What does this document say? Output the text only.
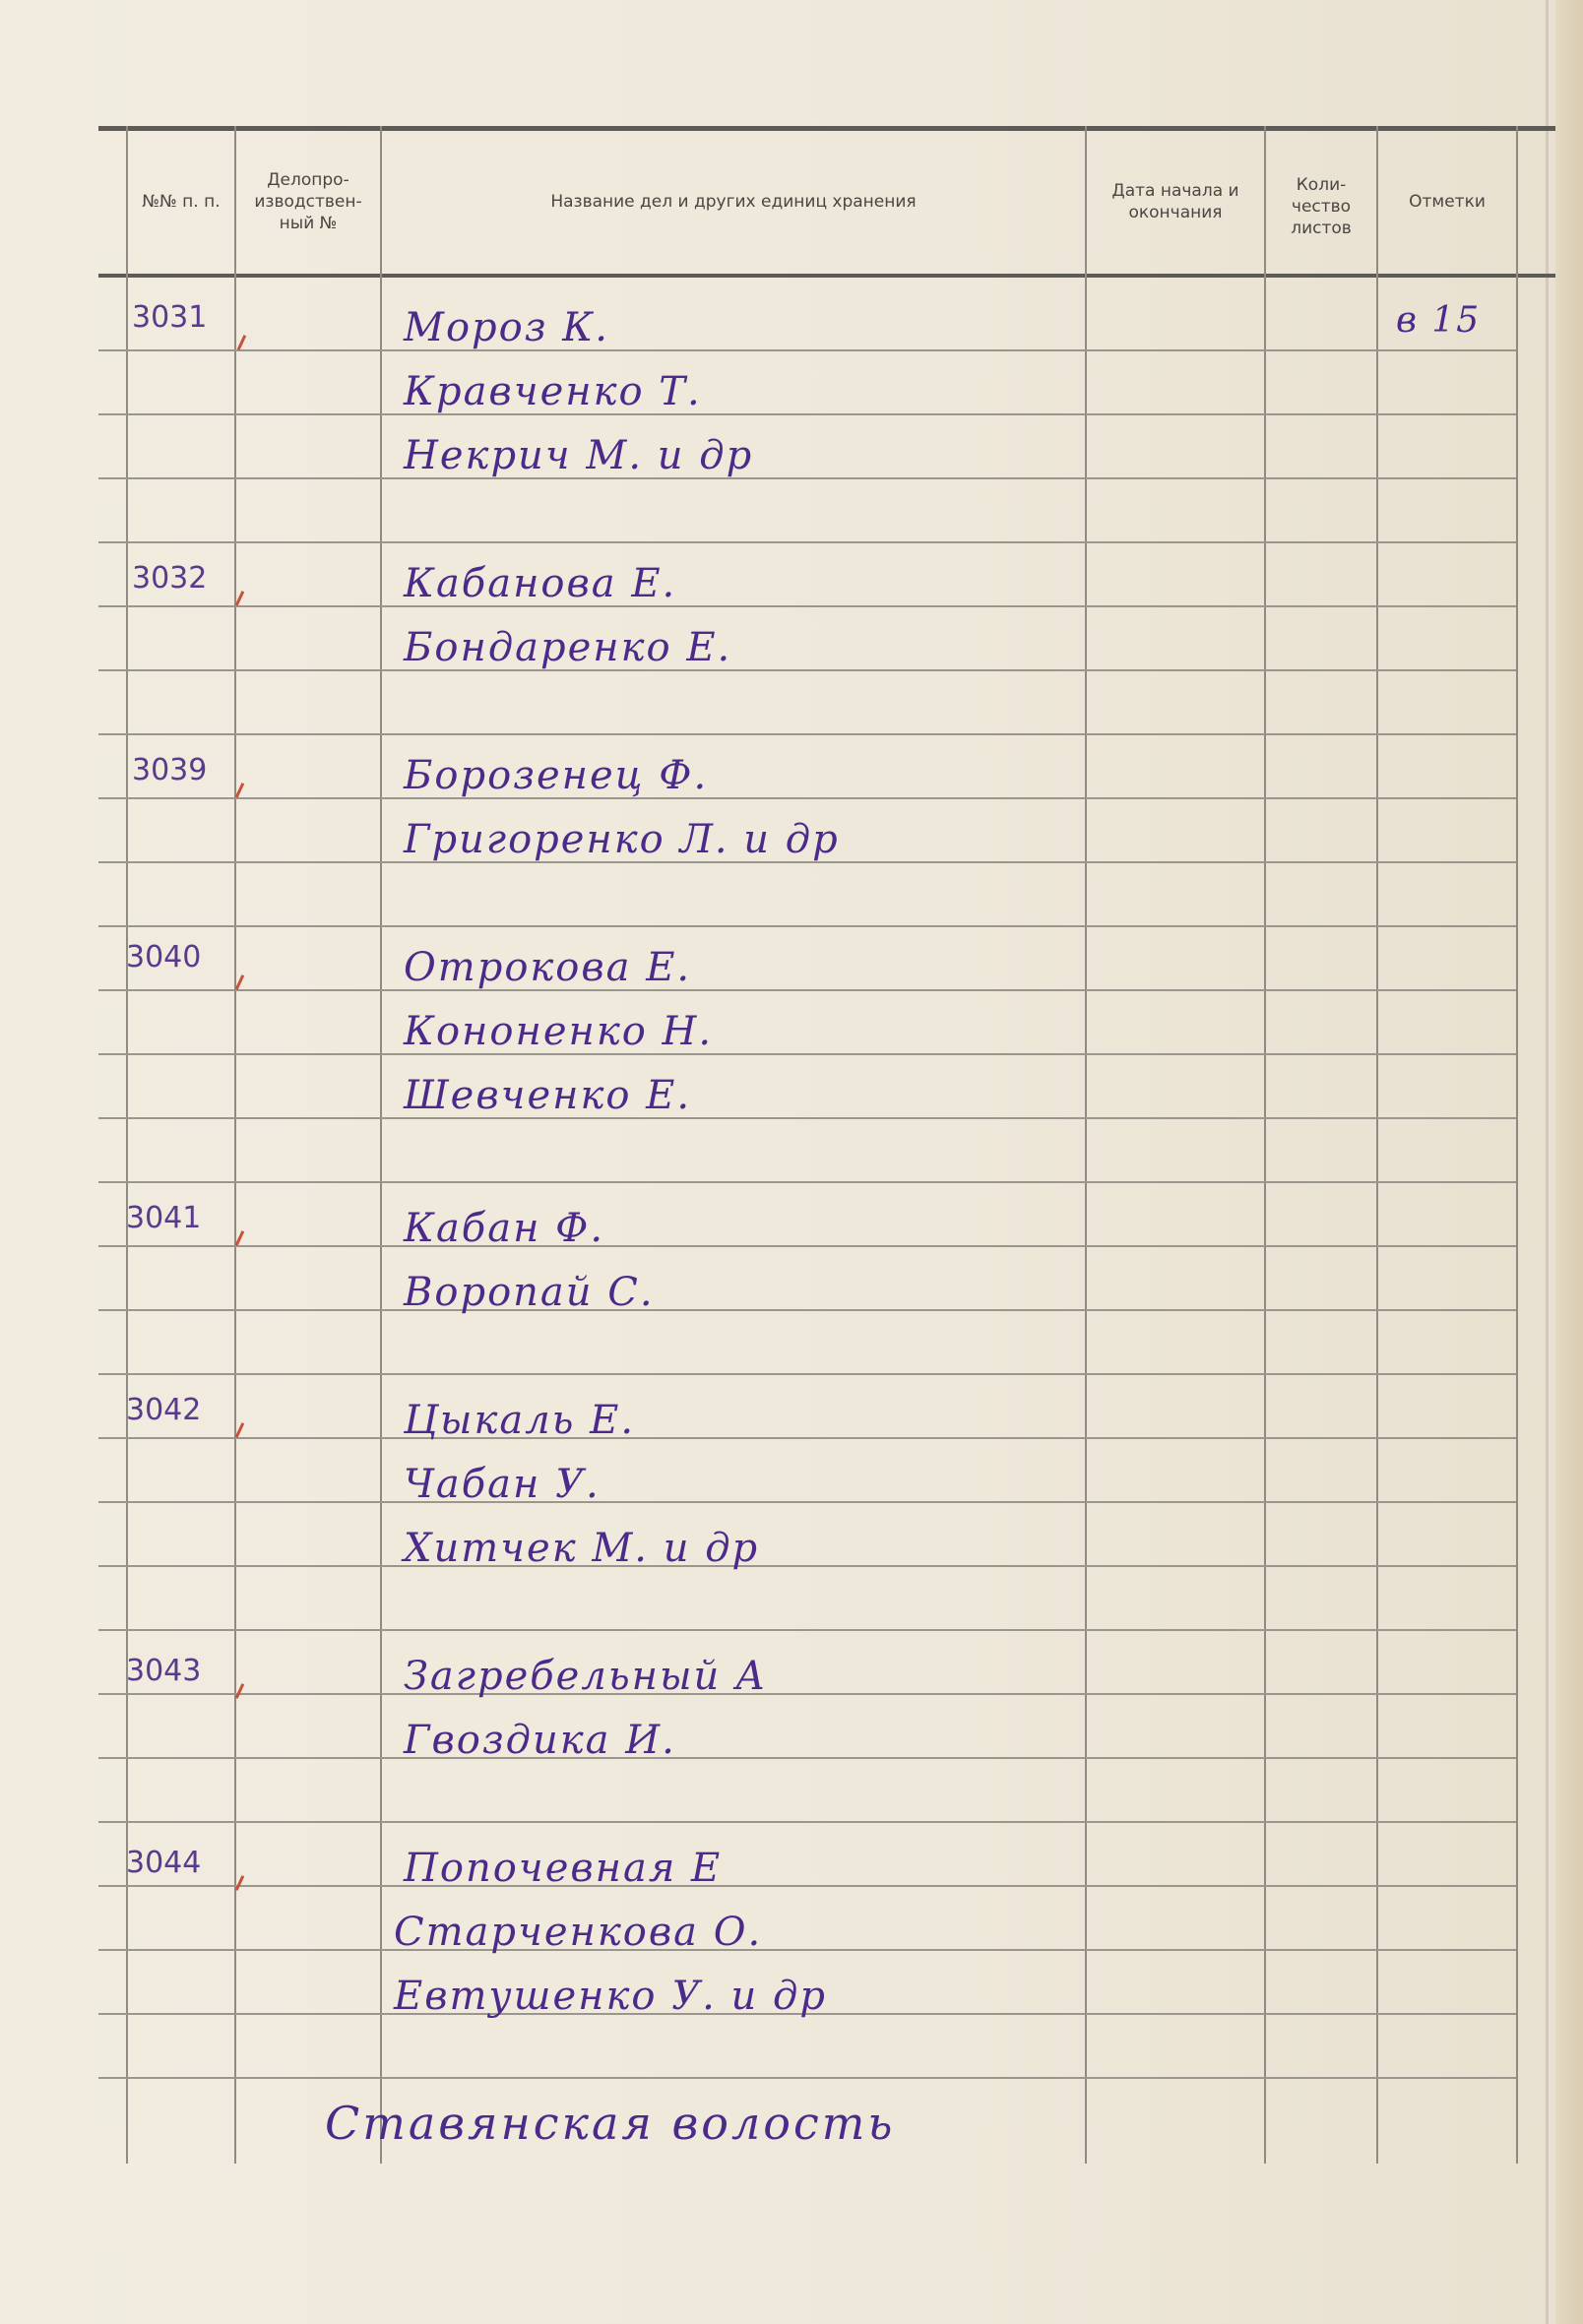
№№ п. п.
Делопро- изводствен- ный №
Название дел и других единиц хранения
Дата начала и окончания
Коли- чество листов
Отметки
3031
3032
3039
3040
3041
3042
3043
3044
Мороз К.
Кравченко Т.
Некрич М. и др
в 15
Кабанова Е.
Бондаренко Е.
Борозенец Ф.
Григоренко Л. и др
Отрокова Е.
Кононенко Н.
Шевченко Е.
Кабан Ф.
Воропай С.
Цыкаль Е.
Чабан У.
Хитчек М. и др
Загребельный А
Гвоздика И.
Попочевная Е
Старченкова О.
Евтушенко У. и др
Ставянская волость
